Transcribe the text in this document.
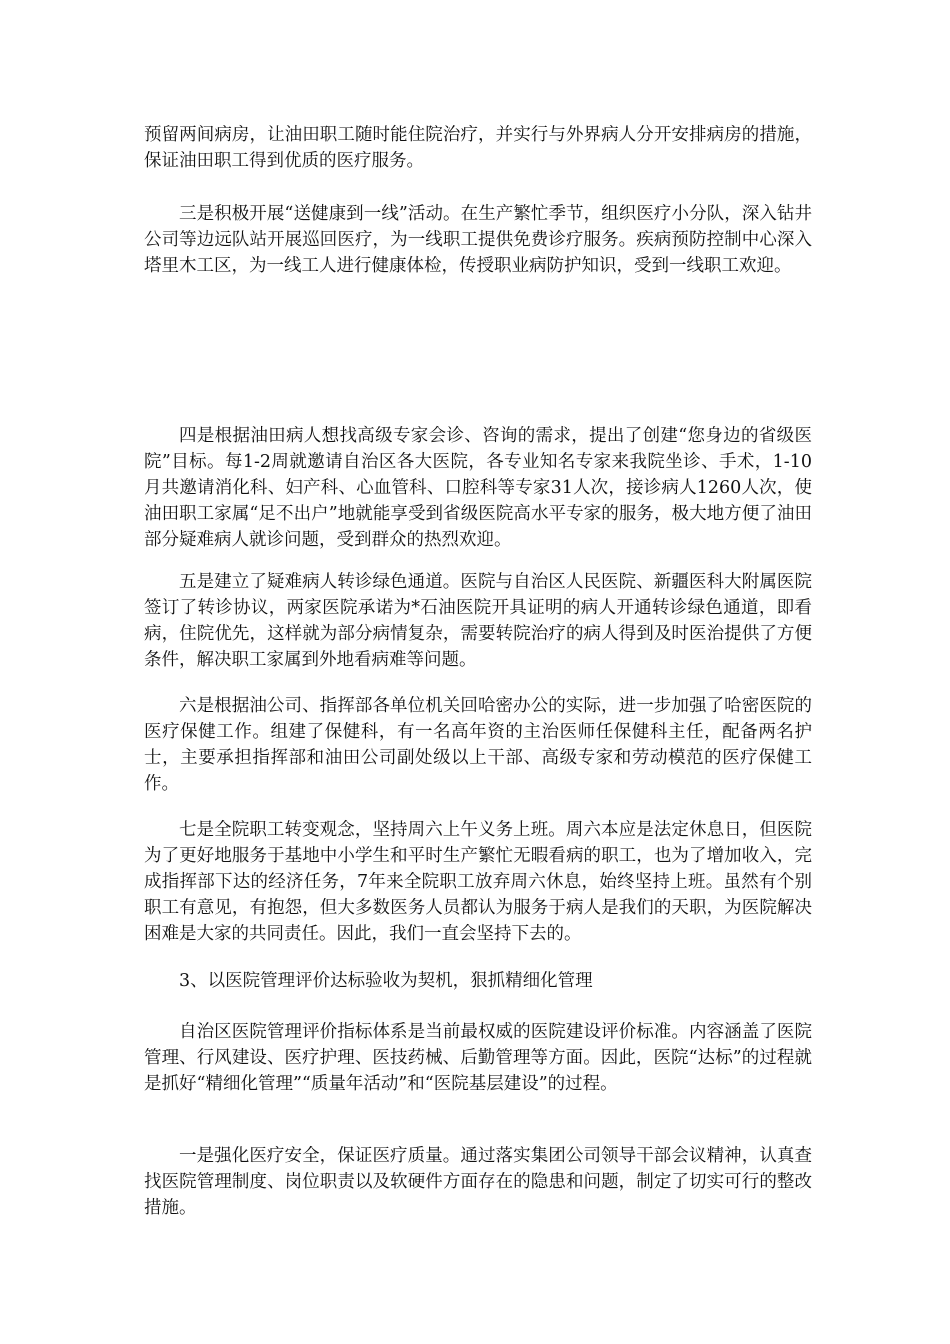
预留两间病房，让油田职工随时能住院治疗，并实行与外界病人分开安排病房的措施，保证油田职工得到优质的医疗服务。

三是积极开展“送健康到一线”活动。在生产繁忙季节，组织医疗小分队，深入钻井公司等边远队站开展巡回医疗，为一线职工提供免费诊疗服务。疾病预防控制中心深入塔里木工区，为一线工人进行健康体检，传授职业病防护知识，受到一线职工欢迎。

四是根据油田病人想找高级专家会诊、咨询的需求，提出了创建“您身边的省级医院”目标。每1-2周就邀请自治区各大医院，各专业知名专家来我院坐诊、手术，1-10月共邀请消化科、妇产科、心血管科、口腔科等专家31人次，接诊病人1260人次，使油田职工家属“足不出户”地就能享受到省级医院高水平专家的服务，极大地方便了油田部分疑难病人就诊问题，受到群众的热烈欢迎。

五是建立了疑难病人转诊绿色通道。医院与自治区人民医院、新疆医科大附属医院签订了转诊协议，两家医院承诺为*石油医院开具证明的病人开通转诊绿色通道，即看病，住院优先，这样就为部分病情复杂，需要转院治疗的病人得到及时医治提供了方便条件，解决职工家属到外地看病难等问题。

六是根据油公司、指挥部各单位机关回哈密办公的实际，进一步加强了哈密医院的医疗保健工作。组建了保健科，有一名高年资的主治医师任保健科主任，配备两名护士，主要承担指挥部和油田公司副处级以上干部、高级专家和劳动模范的医疗保健工作。

七是全院职工转变观念，坚持周六上午义务上班。周六本应是法定休息日，但医院为了更好地服务于基地中小学生和平时生产繁忙无暇看病的职工，也为了增加收入，完成指挥部下达的经济任务，7年来全院职工放弃周六休息，始终坚持上班。虽然有个别职工有意见，有抱怨，但大多数医务人员都认为服务于病人是我们的天职，为医院解决困难是大家的共同责任。因此，我们一直会坚持下去的。

3、以医院管理评价达标验收为契机，狠抓精细化管理

自治区医院管理评价指标体系是当前最权威的医院建设评价标准。内容涵盖了医院管理、行风建设、医疗护理、医技药械、后勤管理等方面。因此，医院“达标”的过程就是抓好“精细化管理”“质量年活动”和“医院基层建设”的过程。

一是强化医疗安全，保证医疗质量。通过落实集团公司领导干部会议精神，认真查找医院管理制度、岗位职责以及软硬件方面存在的隐患和问题，制定了切实可行的整改措施。
